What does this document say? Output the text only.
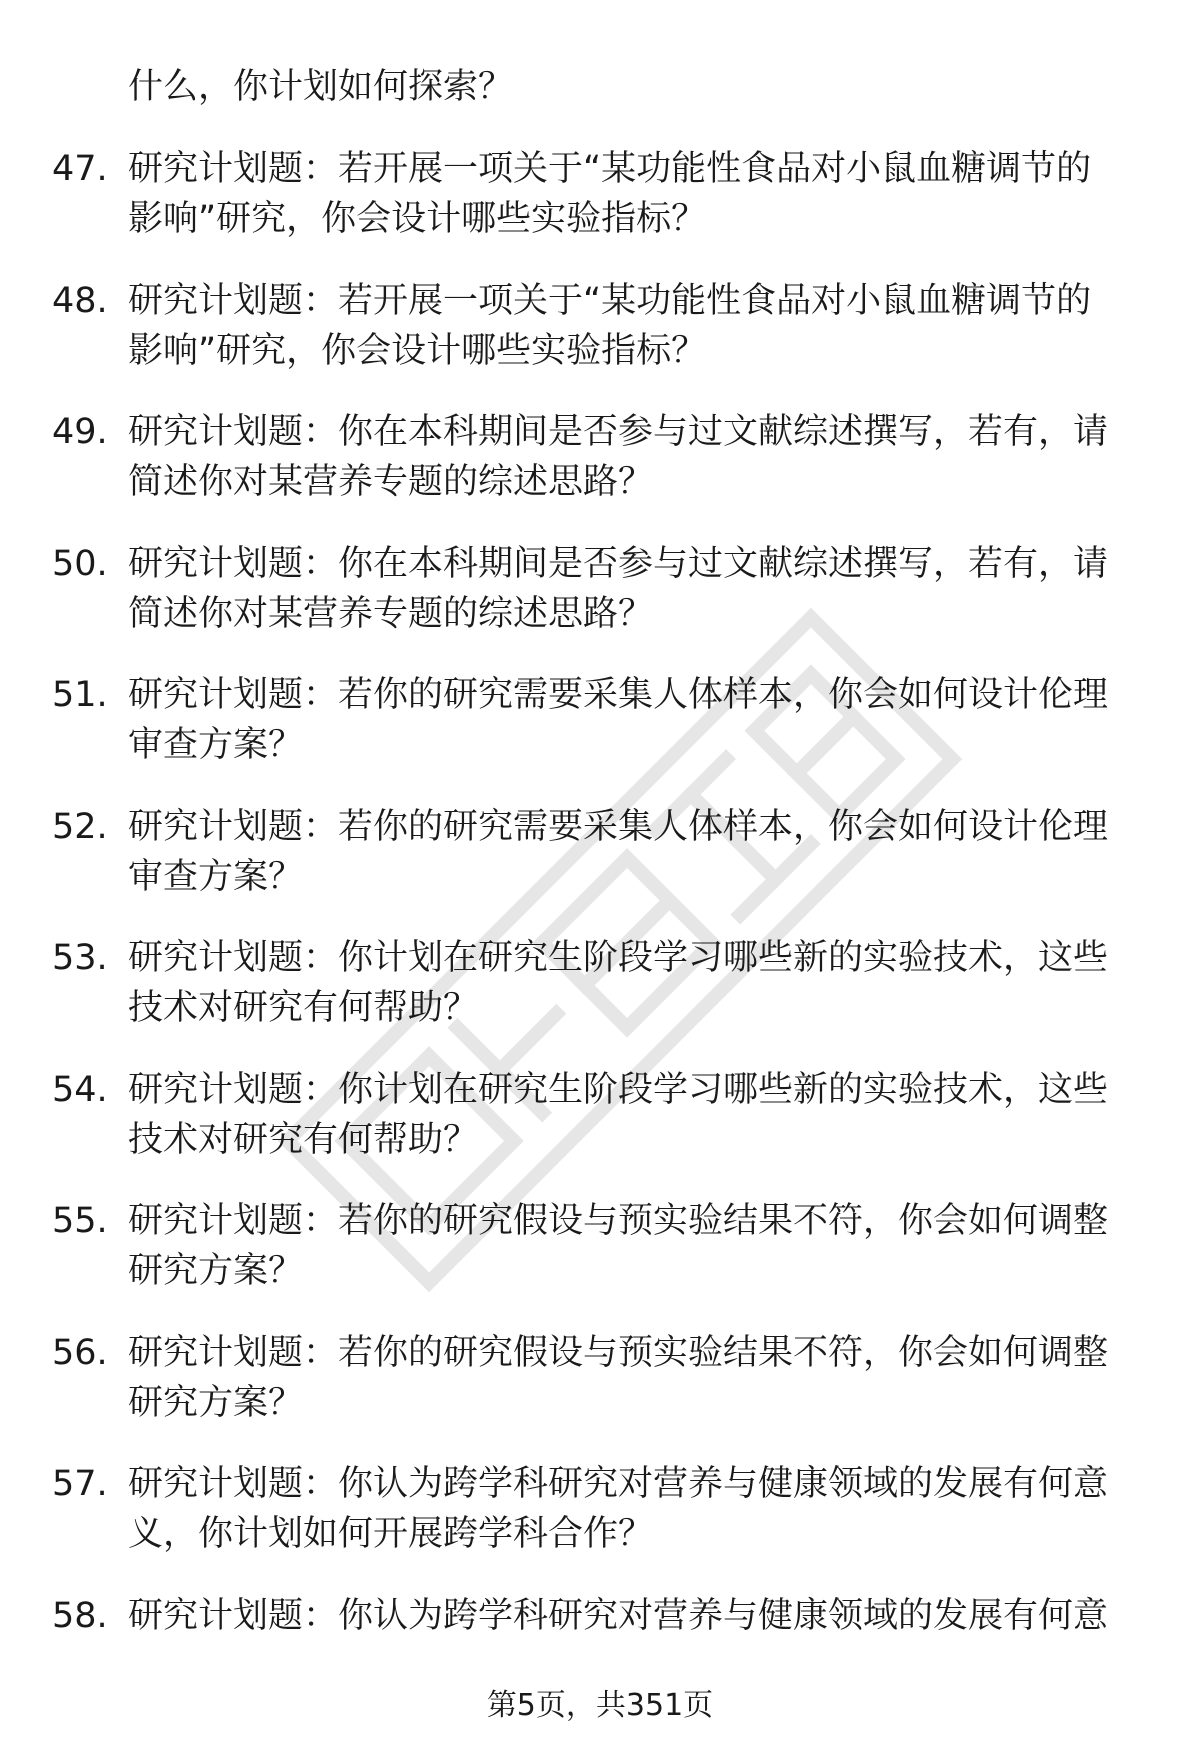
什么，你计划如何探索？
47. 研究计划题：若开展一项关于“某功能性食品对小鼠血糖调节的
影响”研究，你会设计哪些实验指标？
48. 研究计划题：若开展一项关于“某功能性食品对小鼠血糖调节的
影响”研究，你会设计哪些实验指标？
49. 研究计划题：你在本科期间是否参与过文献综述撰写，若有，请
简述你对某营养专题的综述思路？
50. 研究计划题：你在本科期间是否参与过文献综述撰写，若有，请
简述你对某营养专题的综述思路？
51. 研究计划题：若你的研究需要采集人体样本，你会如何设计伦理
审查方案？
52. 研究计划题：若你的研究需要采集人体样本，你会如何设计伦理
审查方案？
53. 研究计划题：你计划在研究生阶段学习哪些新的实验技术，这些
技术对研究有何帮助？
54. 研究计划题：你计划在研究生阶段学习哪些新的实验技术，这些
技术对研究有何帮助？
55. 研究计划题：若你的研究假设与预实验结果不符，你会如何调整
研究方案？
56. 研究计划题：若你的研究假设与预实验结果不符，你会如何调整
研究方案？
57. 研究计划题：你认为跨学科研究对营养与健康领域的发展有何意
义，你计划如何开展跨学科合作？
58. 研究计划题：你认为跨学科研究对营养与健康领域的发展有何意
第5页，共351页
